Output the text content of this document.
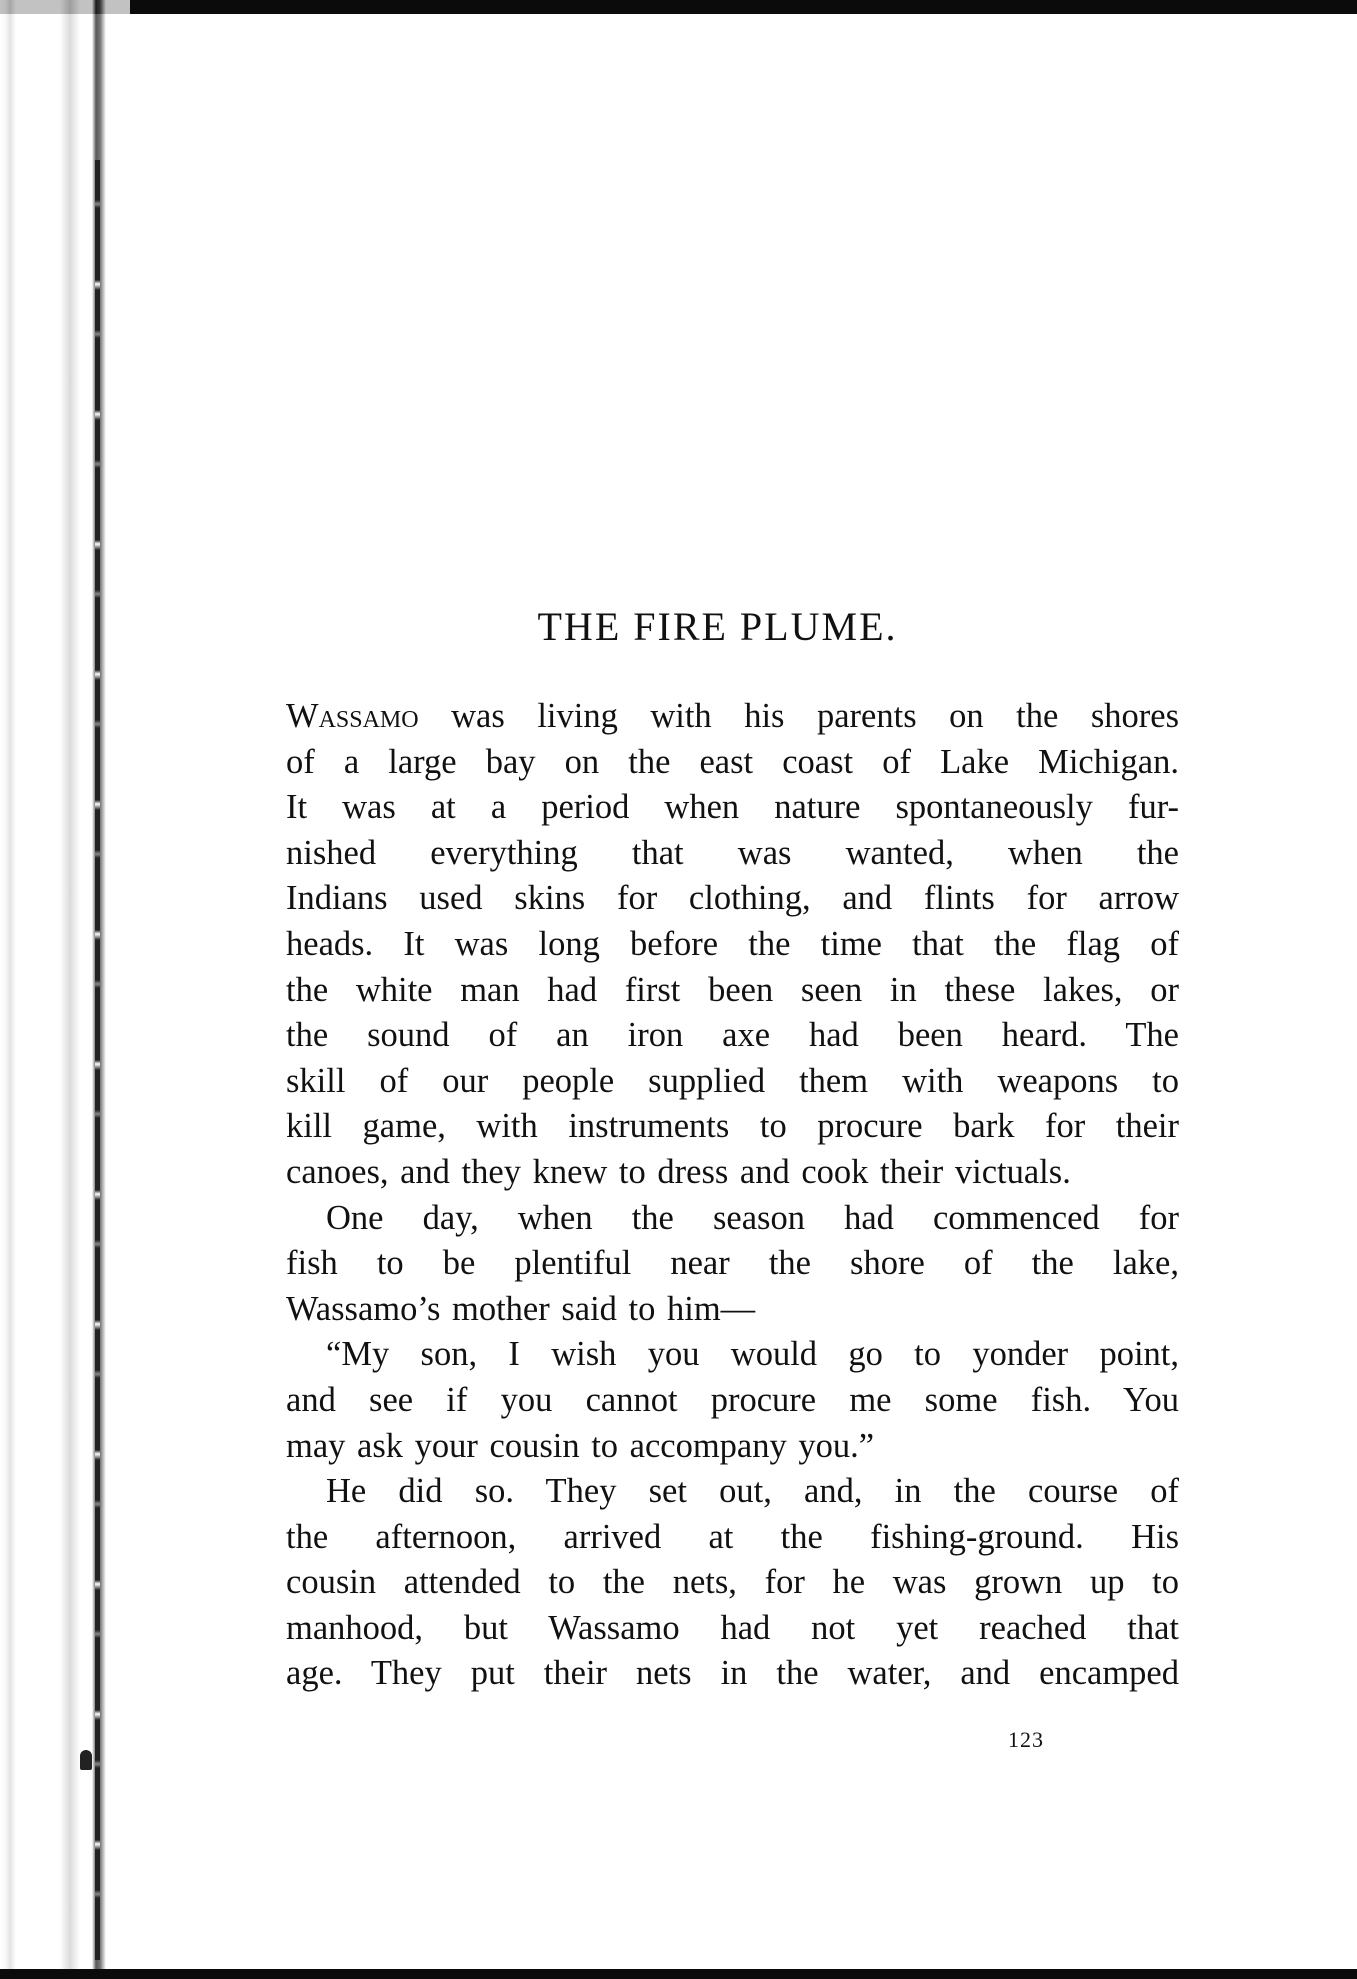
THE FIRE PLUME.

Wassamo was living with his parents on the shores
of a large bay on the east coast of Lake Michigan.
It was at a period when nature spontaneously fur-
nished everything that was wanted, when the
Indians used skins for clothing, and flints for arrow
heads. It was long before the time that the flag of
the white man had first been seen in these lakes, or
the sound of an iron axe had been heard. The
skill of our people supplied them with weapons to
kill game, with instruments to procure bark for their
canoes, and they knew to dress and cook their victuals.

One day, when the season had commenced for
fish to be plentiful near the shore of the lake,
Wassamo’s mother said to him—

“My son, I wish you would go to yonder point,
and see if you cannot procure me some fish. You
may ask your cousin to accompany you.”

He did so. They set out, and, in the course of
the afternoon, arrived at the fishing-ground. His
cousin attended to the nets, for he was grown up to
manhood, but Wassamo had not yet reached that
age. They put their nets in the water, and encamped

123
